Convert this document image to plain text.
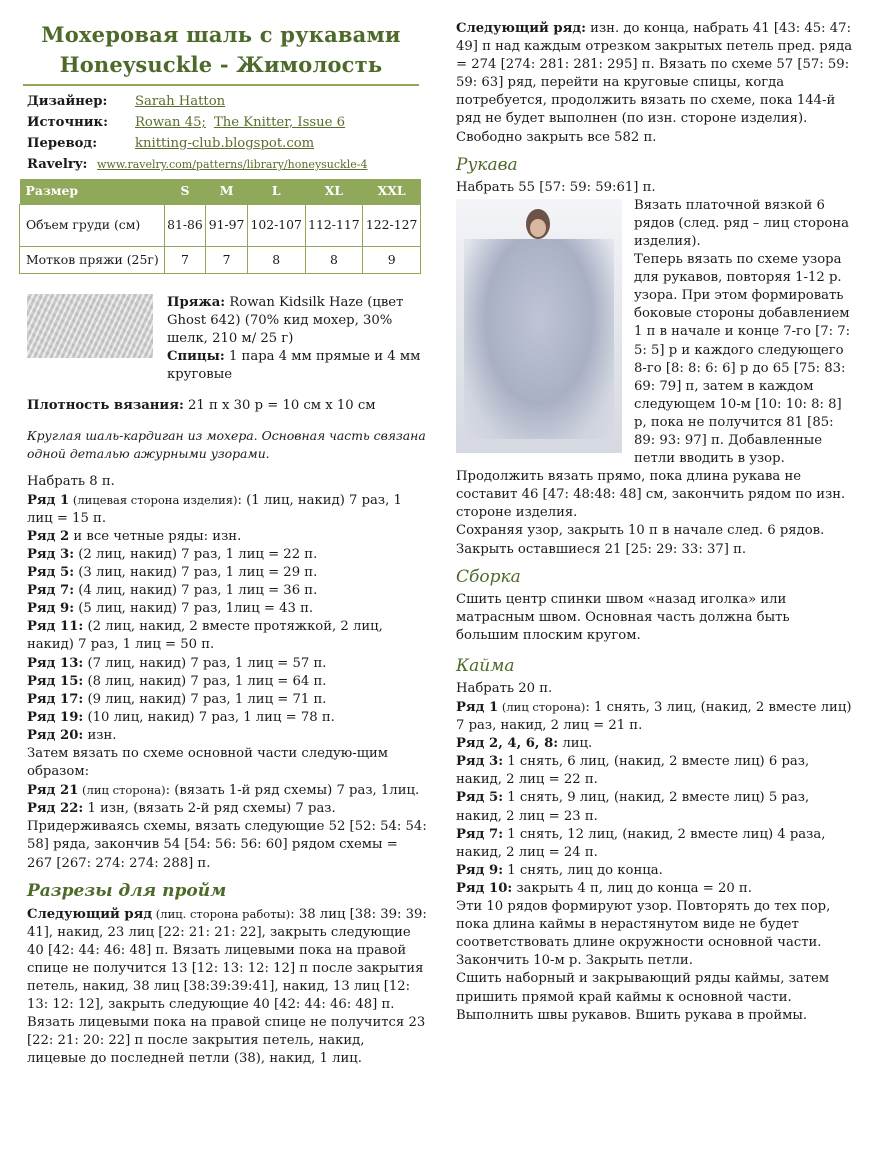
Мохеровая шаль с рукавами
Honeysuckle - Жимолость
Дизайнер:	Sarah Hatton
Источник:	Rowan 45; The Knitter, Issue 6
Перевод:	knitting-club.blogspot.com
Ravelry: www.ravelry.com/patterns/library/honeysuckle-4
Размер	S	M	L	XL	XXL
Объем груди (см)	81-86	91-97	102-107	112-117	122-127
Мотков пряжи (25г)	7	7	8	8	9
Пряжа: Rowan Kidsilk Haze (цвет Ghost 642) (70% кид мохер, 30% шелк, 210 м/ 25 г)
Спицы: 1 пара 4 мм прямые и 4 мм круговые
Плотность вязания: 21 п х 30 р = 10 см х 10 см
Круглая шаль-кардиган из мохера. Основная часть связана одной деталью ажурными узорами.

Набрать 8 п.

Ряд 1 (лицевая сторона изделия): (1 лиц, накид) 7 раз, 1 лиц = 15 п.

Ряд 2 и все четные ряды: изн.

Ряд 3: (2 лиц, накид) 7 раз, 1 лиц = 22 п.

Ряд 5: (3 лиц, накид) 7 раз, 1 лиц = 29 п.

Ряд 7: (4 лиц, накид) 7 раз, 1 лиц = 36 п.

Ряд 9: (5 лиц, накид) 7 раз, 1лиц = 43 п.

Ряд 11: (2 лиц, накид, 2 вместе протяжкой, 2 лиц, накид) 7 раз, 1 лиц = 50 п.

Ряд 13: (7 лиц, накид) 7 раз, 1 лиц = 57 п.

Ряд 15: (8 лиц, накид) 7 раз, 1 лиц = 64 п.

Ряд 17: (9 лиц, накид) 7 раз, 1 лиц = 71 п.

Ряд 19: (10 лиц, накид) 7 раз, 1 лиц = 78 п.

Ряд 20: изн.

Затем вязать по схеме основной части следую-щим образом:

Ряд 21 (лиц сторона): (вязать 1-й ряд схемы) 7 раз, 1лиц.

Ряд 22: 1 изн, (вязать 2-й ряд схемы) 7 раз.

Придерживаясь схемы, вязать следующие 52 [52: 54: 54: 58] ряда, закончив 54 [54: 56: 56: 60] рядом схемы = 267 [267: 274: 274: 288] п.

Разрезы для пройм

Следующий ряд (лиц. сторона работы): 38 лиц [38: 39: 39: 41], накид, 23 лиц [22: 21: 21: 22], закрыть следующие 40 [42: 44: 46: 48] п. Вязать лицевыми пока на правой спице не получится 13 [12: 13: 12: 12] п после закрытия петель, накид, 38 лиц [38:39:39:41], накид, 13 лиц [12: 13: 12: 12], закрыть следующие 40 [42: 44: 46: 48] п. Вязать лицевыми пока на правой спице не получится 23 [22: 21: 20: 22] п после закрытия петель, накид, лицевые до последней петли (38), накид, 1 лиц.

Следующий ряд: изн. до конца, набрать 41 [43: 45: 47: 49] п над каждым отрезком закрытых петель пред. ряда = 274 [274: 281: 281: 295] п. Вязать по схеме 57 [57: 59: 59: 63] ряд, перейти на круговые спицы, когда потребуется, продолжить вязать по схеме, пока 144-й ряд не будет выполнен (по изн. стороне изделия). Свободно закрыть все 582 п.

Рукава

Набрать 55 [57: 59: 59:61] п.

Вязать платочной вязкой 6 рядов (след. ряд – лиц сторона изделия).

Теперь вязать по схеме узора для рукавов, повторяя 1-12 р. узора. При этом формировать боковые стороны добавлением 1 п в начале и конце 7-го [7: 7: 5: 5] р и каждого следующего 8-го [8: 8: 6: 6] р до 65 [75: 83: 69: 79] п, затем в каждом следующем 10-м [10: 10: 8: 8] р, пока не получится 81 [85: 89: 93: 97] п. Добавленные петли вводить в узор.

Продолжить вязать прямо, пока длина рукава не составит 46 [47: 48:48: 48] см, закончить рядом по изн. стороне изделия.

Сохраняя узор, закрыть 10 п в начале след. 6 рядов. Закрыть оставшиеся 21 [25: 29: 33: 37] п.

Сборка

Сшить центр спинки швом «назад иголка» или матрасным швом. Основная часть должна быть большим плоским кругом.

Кайма

Набрать 20 п.

Ряд 1 (лиц сторона): 1 снять, 3 лиц, (накид, 2 вместе лиц) 7 раз, накид, 2 лиц = 21 п.

Ряд 2, 4, 6, 8: лиц.

Ряд 3: 1 снять, 6 лиц, (накид, 2 вместе лиц) 6 раз, накид, 2 лиц = 22 п.

Ряд 5: 1 снять, 9 лиц, (накид, 2 вместе лиц) 5 раз, накид, 2 лиц = 23 п.

Ряд 7: 1 снять, 12 лиц, (накид, 2 вместе лиц) 4 раза, накид, 2 лиц = 24 п.

Ряд 9: 1 снять, лиц до конца.

Ряд 10: закрыть 4 п, лиц до конца = 20 п.

Эти 10 рядов формируют узор. Повторять до тех пор, пока длина каймы в нерастянутом виде не будет соответствовать длине окружности основной части. Закончить 10-м р. Закрыть петли.

Сшить наборный и закрывающий ряды каймы, затем пришить прямой край каймы к основной части. Выполнить швы рукавов. Вшить рукава в проймы.
